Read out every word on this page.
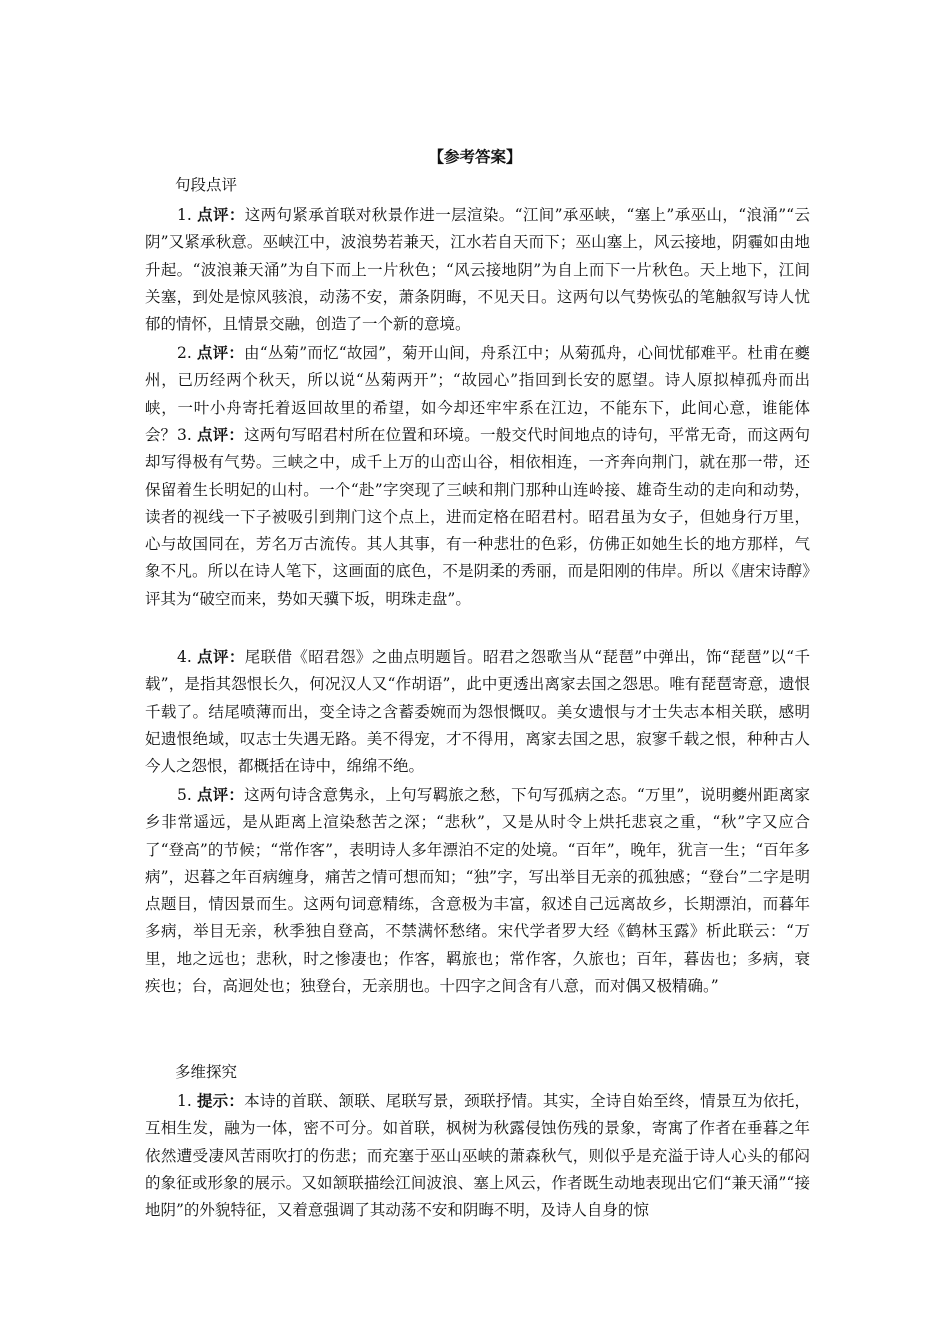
【参考答案】
句段点评
1. 点评：这两句紧承首联对秋景作进一层渲染。“江间”承巫峡，“塞上”承巫山，“浪涌”“云阴”又紧承秋意。巫峡江中，波浪势若兼天，江水若自天而下；巫山塞上，风云接地，阴霾如由地升起。“波浪兼天涌”为自下而上一片秋色；“风云接地阴”为自上而下一片秋色。天上地下，江间关塞，到处是惊风骇浪，动荡不安，萧条阴晦，不见天日。这两句以气势恢弘的笔触叙写诗人忧郁的情怀，且情景交融，创造了一个新的意境。
2. 点评：由“丛菊”而忆“故园”，菊开山间，舟系江中；从菊孤舟，心间忧郁难平。杜甫在夔州，已历经两个秋天，所以说“丛菊两开”；“故园心”指回到长安的愿望。诗人原拟棹孤舟而出峡，一叶小舟寄托着返回故里的希望，如今却还牢牢系在江边，不能东下，此间心意，谁能体会？ 3. 点评：这两句写昭君村所在位置和环境。一般交代时间地点的诗句，平常无奇，而这两句却写得极有气势。三峡之中，成千上万的山峦山谷，相依相连，一齐奔向荆门，就在那一带，还保留着生长明妃的山村。一个“赴”字突现了三峡和荆门那种山连岭接、雄奇生动的走向和动势，读者的视线一下子被吸引到荆门这个点上，进而定格在昭君村。昭君虽为女子，但她身行万里，心与故国同在，芳名万古流传。其人其事，有一种悲壮的色彩，仿佛正如她生长的地方那样，气象不凡。所以在诗人笔下，这画面的底色，不是阴柔的秀丽，而是阳刚的伟岸。所以《唐宋诗醇》评其为“破空而来，势如天骥下坂，明珠走盘”。
4. 点评：尾联借《昭君怨》之曲点明题旨。昭君之怨歌当从“琵琶”中弹出，饰“琵琶”以“千载”，是指其怨恨长久，何况汉人又“作胡语”，此中更透出离家去国之怨思。唯有琵琶寄意，遗恨千载了。结尾喷薄而出，变全诗之含蓄委婉而为怨恨慨叹。美女遗恨与才士失志本相关联，感明妃遗恨绝域，叹志士失遇无路。美不得宠，才不得用，离家去国之思，寂寥千载之恨，种种古人今人之怨恨，都概括在诗中，绵绵不绝。
5. 点评：这两句诗含意隽永，上句写羁旅之愁，下句写孤病之态。“万里”，说明夔州距离家乡非常遥远，是从距离上渲染愁苦之深；“悲秋”，又是从时令上烘托悲哀之重，“秋”字又应合了“登高”的节候；“常作客”，表明诗人多年漂泊不定的处境。“百年”，晚年，犹言一生；“百年多病”，迟暮之年百病缠身，痛苦之情可想而知；“独”字，写出举目无亲的孤独感；“登台”二字是明点题目，情因景而生。这两句词意精练，含意极为丰富，叙述自己远离故乡，长期漂泊，而暮年多病，举目无亲，秋季独自登高，不禁满怀愁绪。宋代学者罗大经《鹤林玉露》析此联云：“万里，地之远也；悲秋，时之惨凄也；作客，羁旅也；常作客，久旅也；百年，暮齿也；多病，衰疾也；台，高迥处也；独登台，无亲朋也。十四字之间含有八意，而对偶又极精确。”
多维探究
1. 提示：本诗的首联、颔联、尾联写景，颈联抒情。其实，全诗自始至终，情景互为依托，互相生发，融为一体，密不可分。如首联，枫树为秋露侵蚀伤残的景象，寄寓了作者在垂暮之年依然遭受凄风苦雨吹打的伤悲；而充塞于巫山巫峡的萧森秋气，则似乎是充溢于诗人心头的郁闷的象征或形象的展示。又如颔联描绘江间波浪、塞上风云，作者既生动地表现出它们“兼天涌”“接地阴”的外貌特征，又着意强调了其动荡不安和阴晦不明，及诗人自身的惊
